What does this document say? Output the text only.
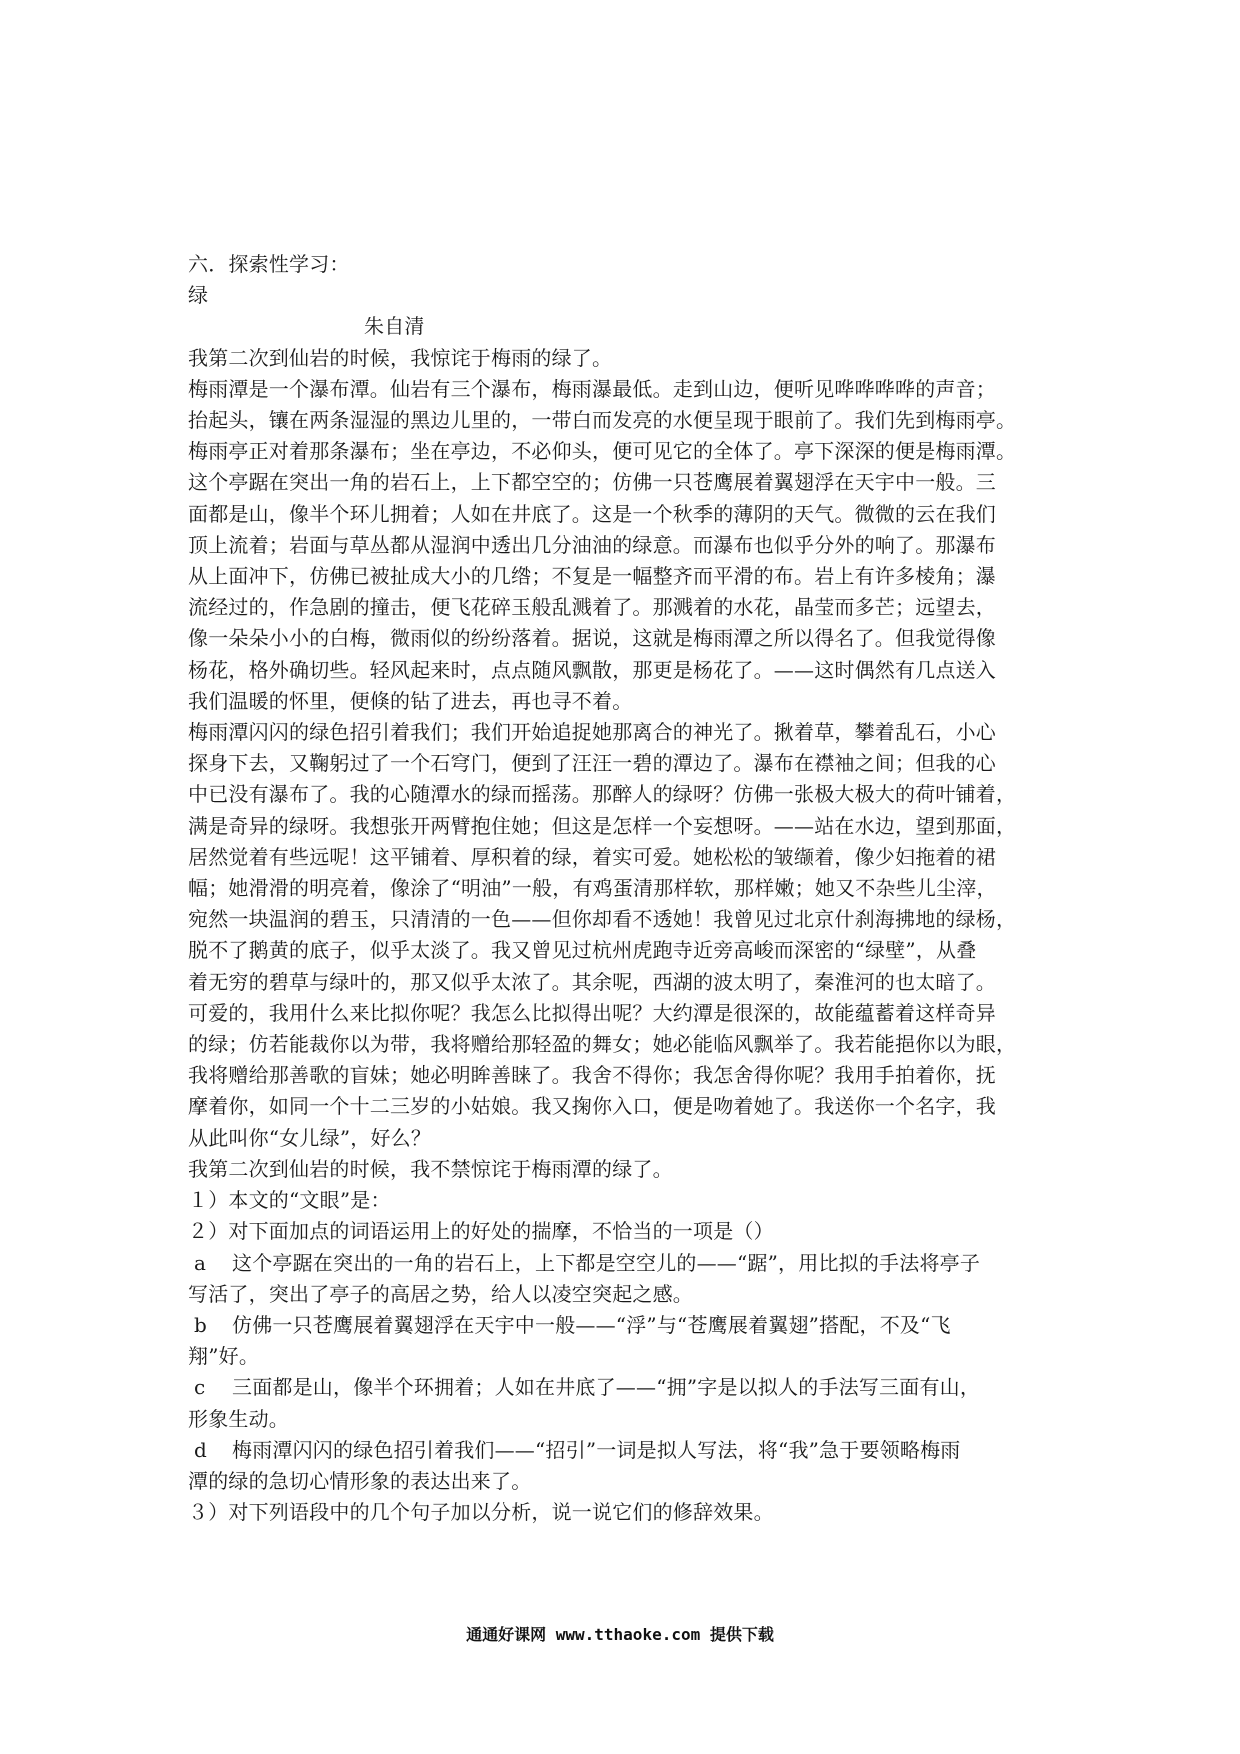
六．探索性学习：
绿
朱自清
我第二次到仙岩的时候，我惊诧于梅雨的绿了。
梅雨潭是一个瀑布潭。仙岩有三个瀑布，梅雨瀑最低。走到山边，便听见哗哗哗哗的声音；
抬起头，镶在两条湿湿的黑边儿里的，一带白而发亮的水便呈现于眼前了。我们先到梅雨亭。
梅雨亭正对着那条瀑布；坐在亭边，不必仰头，便可见它的全体了。亭下深深的便是梅雨潭。
这个亭踞在突出一角的岩石上，上下都空空的；仿佛一只苍鹰展着翼翅浮在天宇中一般。三
面都是山，像半个环儿拥着；人如在井底了。这是一个秋季的薄阴的天气。微微的云在我们
顶上流着；岩面与草丛都从湿润中透出几分油油的绿意。而瀑布也似乎分外的响了。那瀑布
从上面冲下，仿佛已被扯成大小的几绺；不复是一幅整齐而平滑的布。岩上有许多棱角；瀑
流经过的，作急剧的撞击，便飞花碎玉般乱溅着了。那溅着的水花，晶莹而多芒；远望去，
像一朵朵小小的白梅，微雨似的纷纷落着。据说，这就是梅雨潭之所以得名了。但我觉得像
杨花，格外确切些。轻风起来时，点点随风飘散，那更是杨花了。——这时偶然有几点送入
我们温暖的怀里，便倏的钻了进去，再也寻不着。
梅雨潭闪闪的绿色招引着我们；我们开始追捉她那离合的神光了。揪着草，攀着乱石，小心
探身下去，又鞠躬过了一个石穹门，便到了汪汪一碧的潭边了。瀑布在襟袖之间；但我的心
中已没有瀑布了。我的心随潭水的绿而摇荡。那醉人的绿呀？仿佛一张极大极大的荷叶铺着，
满是奇异的绿呀。我想张开两臂抱住她；但这是怎样一个妄想呀。——站在水边，望到那面，
居然觉着有些远呢！这平铺着、厚积着的绿，着实可爱。她松松的皱缬着，像少妇拖着的裙
幅；她滑滑的明亮着，像涂了“明油”一般，有鸡蛋清那样软，那样嫩；她又不杂些儿尘滓，
宛然一块温润的碧玉，只清清的一色——但你却看不透她！我曾见过北京什刹海拂地的绿杨，
脱不了鹅黄的底子，似乎太淡了。我又曾见过杭州虎跑寺近旁高峻而深密的“绿壁”，从叠
着无穷的碧草与绿叶的，那又似乎太浓了。其余呢，西湖的波太明了，秦淮河的也太暗了。
可爱的，我用什么来比拟你呢？我怎么比拟得出呢？大约潭是很深的，故能蕴蓄着这样奇异
的绿；仿若能裁你以为带，我将赠给那轻盈的舞女；她必能临风飘举了。我若能挹你以为眼，
我将赠给那善歌的盲妹；她必明眸善睐了。我舍不得你；我怎舍得你呢？我用手拍着你，抚
摩着你，如同一个十二三岁的小姑娘。我又掬你入口，便是吻着她了。我送你一个名字，我
从此叫你“女儿绿”，好么？
我第二次到仙岩的时候，我不禁惊诧于梅雨潭的绿了。
１）本文的“文眼”是：
２）对下面加点的词语运用上的好处的揣摩，不恰当的一项是（）
a 这个亭踞在突出的一角的岩石上，上下都是空空儿的——“踞”，用比拟的手法将亭子
写活了，突出了亭子的高居之势，给人以凌空突起之感。
b 仿佛一只苍鹰展着翼翅浮在天宇中一般——“浮”与“苍鹰展着翼翅”搭配，不及“飞
翔”好。
c 三面都是山，像半个环拥着；人如在井底了——“拥”字是以拟人的手法写三面有山，
形象生动。
d 梅雨潭闪闪的绿色招引着我们——“招引”一词是拟人写法，将“我”急于要领略梅雨
潭的绿的急切心情形象的表达出来了。
３）对下列语段中的几个句子加以分析，说一说它们的修辞效果。
通通好课网 www.tthaoke.com 提供下载
